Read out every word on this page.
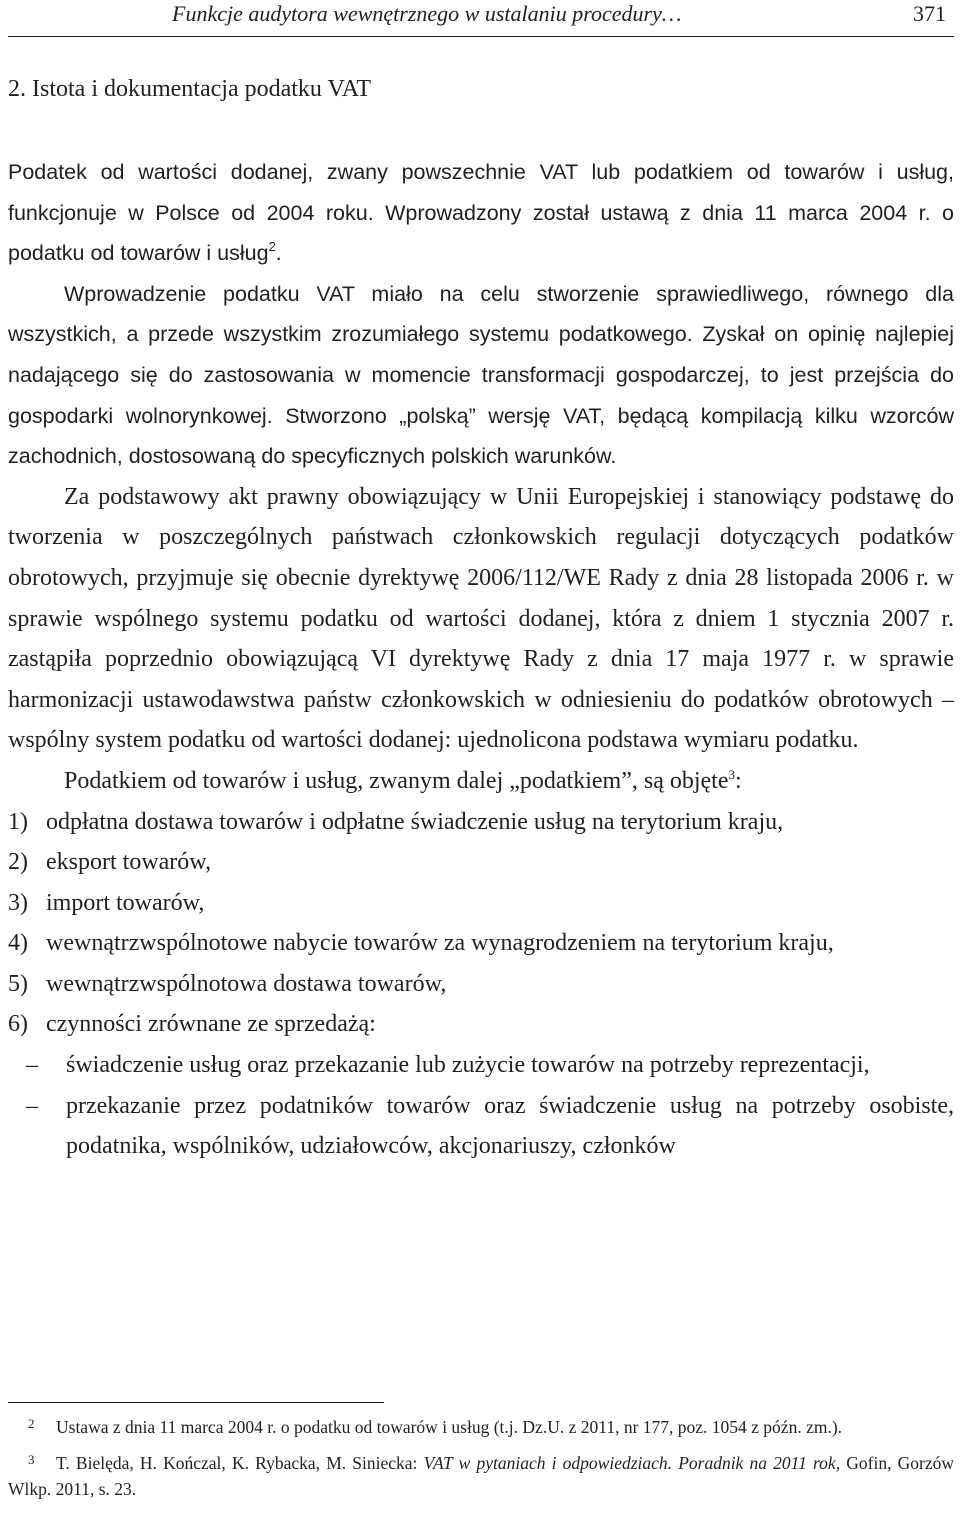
Funkcje audytora wewnętrznego w ustalaniu procedury…	371
2. Istota i dokumentacja podatku VAT

Podatek od wartości dodanej, zwany powszechnie VAT lub podatkiem od towarów i usług, funkcjonuje w Polsce od 2004 roku. Wprowadzony został ustawą z dnia 11 marca 2004 r. o podatku od towarów i usług$^2$.

Wprowadzenie podatku VAT miało na celu stworzenie sprawiedliwego, równego dla wszystkich, a przede wszystkim zrozumiałego systemu podatkowego. Zyskał on opinię najlepiej nadającego się do zastosowania w momencie transformacji gospodarczej, to jest przejścia do gospodarki wolnorynkowej. Stworzono „polską” wersję VAT, będącą kompilacją kilku wzorców zachodnich, dostosowaną do specyficznych polskich warunków.

Za podstawowy akt prawny obowiązujący w Unii Europejskiej i stanowiący podstawę do tworzenia w poszczególnych państwach członkowskich regulacji dotyczących podatków obrotowych, przyjmuje się obecnie dyrektywę 2006/112/WE Rady z dnia 28 listopada 2006 r. w sprawie wspólnego systemu podatku od wartości dodanej, która z dniem 1 stycznia 2007 r. zastąpiła poprzednio obowiązującą VI dyrektywę Rady z dnia 17 maja 1977 r. w sprawie harmonizacji ustawodawstwa państw członkowskich w odniesieniu do podatków obrotowych – wspólny system podatku od wartości dodanej: ujednolicona podstawa wymiaru podatku.

Podatkiem od towarów i usług, zwanym dalej „podatkiem”, są objęte$^3$:

1) odpłatna dostawa towarów i odpłatne świadczenie usług na terytorium kraju,
2) eksport towarów,
3) import towarów,
4) wewnątrzwspólnotowe nabycie towarów za wynagrodzeniem na terytorium kraju,
5) wewnątrzwspólnotowa dostawa towarów,
6) czynności zrównane ze sprzedażą:
– świadczenie usług oraz przekazanie lub zużycie towarów na potrzeby reprezentacji,
– przekazanie przez podatników towarów oraz świadczenie usług na potrzeby osobiste, podatnika, wspólników, udziałowców, akcjonariuszy, członków

2 Ustawa z dnia 11 marca 2004 r. o podatku od towarów i usług (t.j. Dz.U. z 2011, nr 177, poz. 1054 z późn. zm.).

3 T. Bielęda, H. Kończal, K. Rybacka, M. Siniecka: VAT w pytaniach i odpowiedziach. Poradnik na 2011 rok, Gofin, Gorzów Wlkp. 2011, s. 23.
